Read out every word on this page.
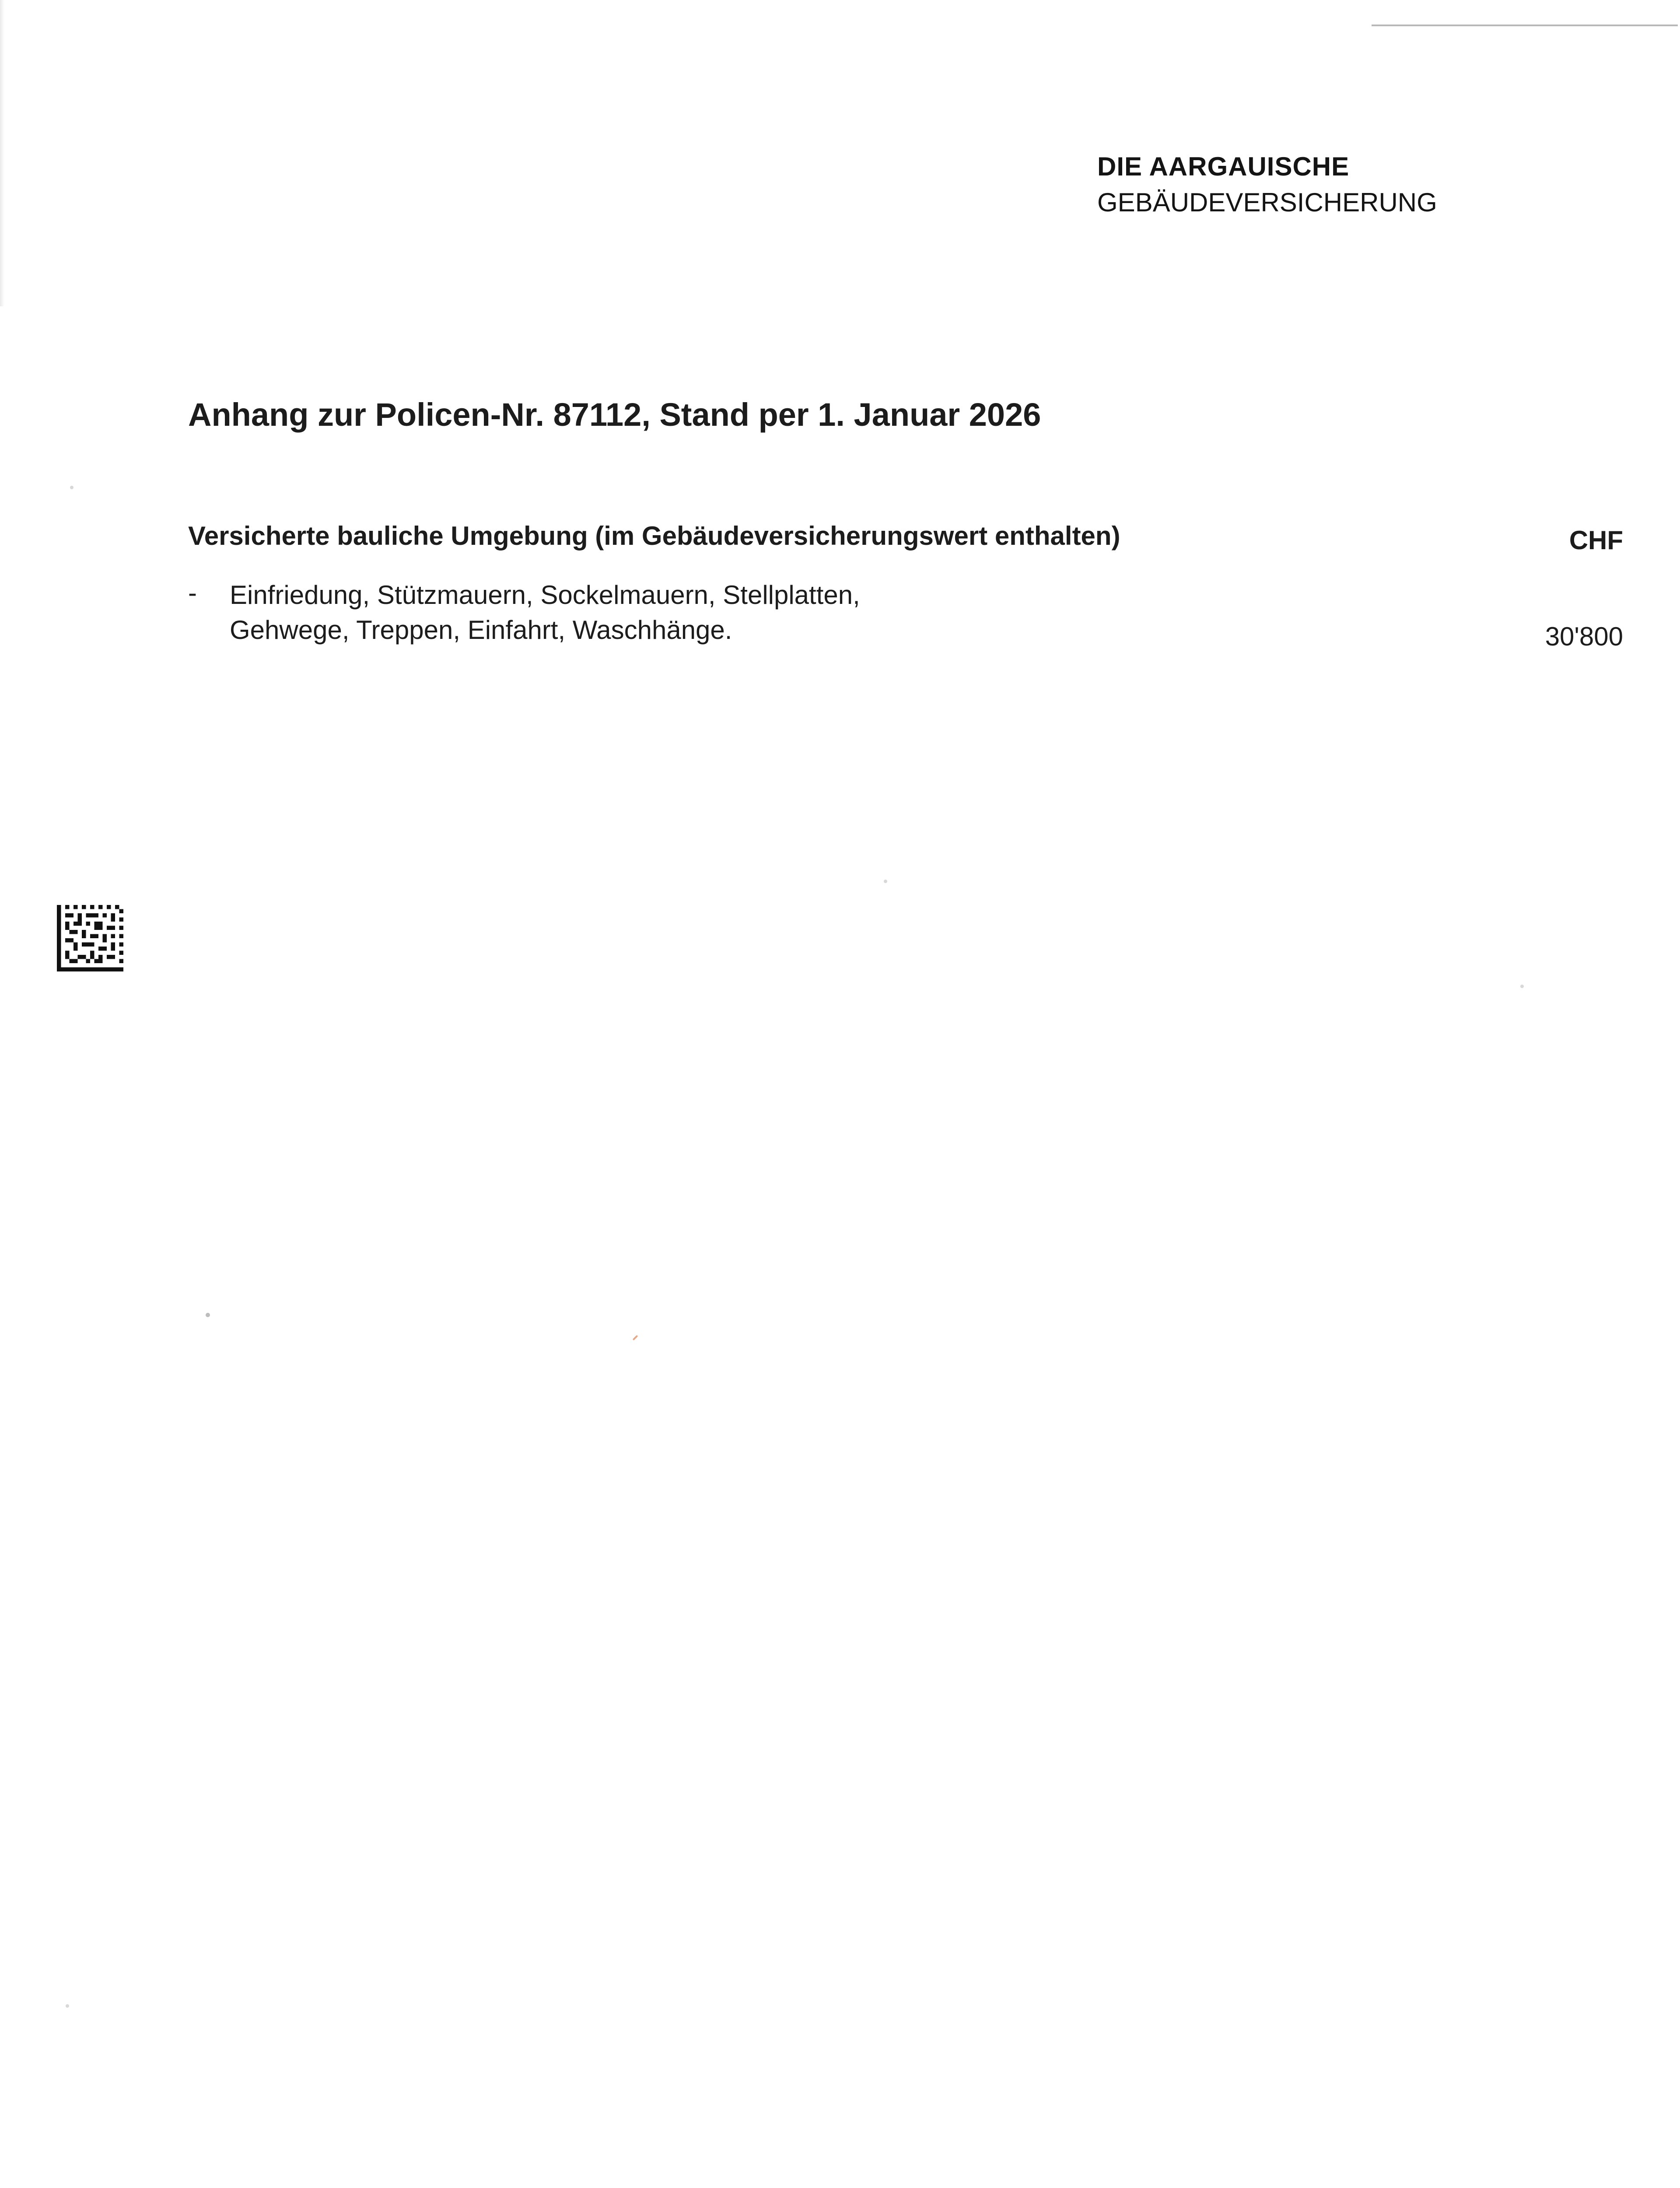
DIE AARGAUISCHE
GEBÄUDEVERSICHERUNG
Anhang zur Policen-Nr. 87112, Stand per 1. Januar 2026
Versicherte bauliche Umgebung (im Gebäudeversicherungswert enthalten)	CHF
- Einfriedung, Stützmauern, Sockelmauern, Stellplatten,
Gehwege, Treppen, Einfahrt, Waschhänge.	30'800
